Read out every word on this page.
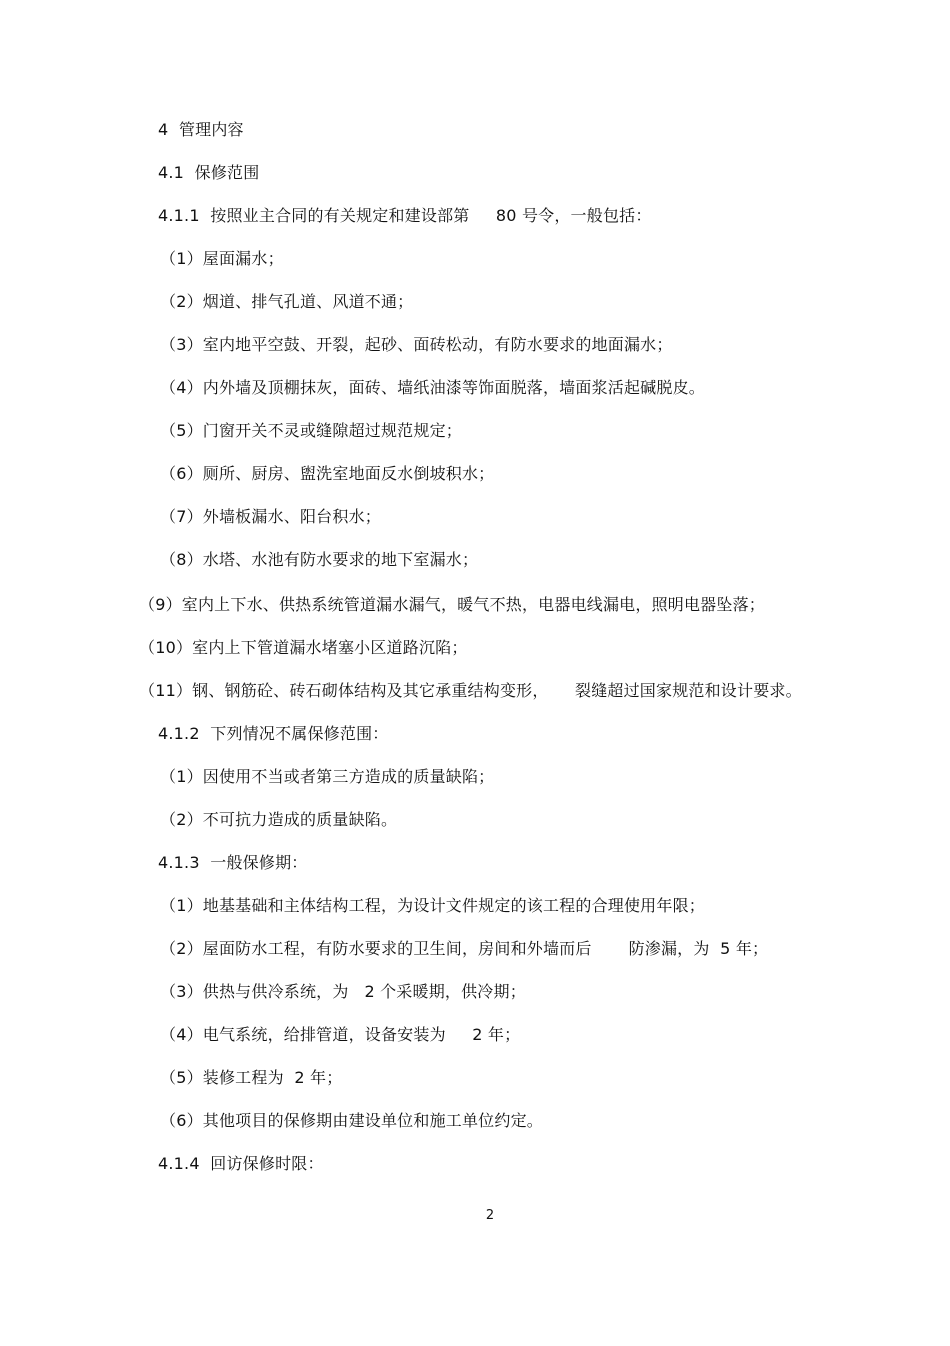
4  管理内容
4.1  保修范围
4.1.1  按照业主合同的有关规定和建设部第     80 号令，一般包括：
（1）屋面漏水；
（2）烟道、排气孔道、风道不通；
（3）室内地平空鼓、开裂，起砂、面砖松动，有防水要求的地面漏水；
（4）内外墙及顶棚抹灰，面砖、墙纸油漆等饰面脱落，墙面浆活起碱脱皮。
（5）门窗开关不灵或缝隙超过规范规定；
（6）厕所、厨房、盥洗室地面反水倒坡积水；
（7）外墙板漏水、阳台积水；
（8）水塔、水池有防水要求的地下室漏水；
（9）室内上下水、供热系统管道漏水漏气，暖气不热，电器电线漏电，照明电器坠落；
（10）室内上下管道漏水堵塞小区道路沉陷；
（11）钢、钢筋砼、砖石砌体结构及其它承重结构变形，     裂缝超过国家规范和设计要求。
4.1.2  下列情况不属保修范围：
（1）因使用不当或者第三方造成的质量缺陷；
（2）不可抗力造成的质量缺陷。
4.1.3  一般保修期：
（1）地基基础和主体结构工程，为设计文件规定的该工程的合理使用年限；
（2）屋面防水工程，有防水要求的卫生间，房间和外墙而后       防渗漏，为  5 年；
（3）供热与供冷系统，为   2 个采暖期，供冷期；
（4）电气系统，给排管道，设备安装为     2 年；
（5）装修工程为  2 年；
（6）其他项目的保修期由建设单位和施工单位约定。
4.1.4  回访保修时限：
2
